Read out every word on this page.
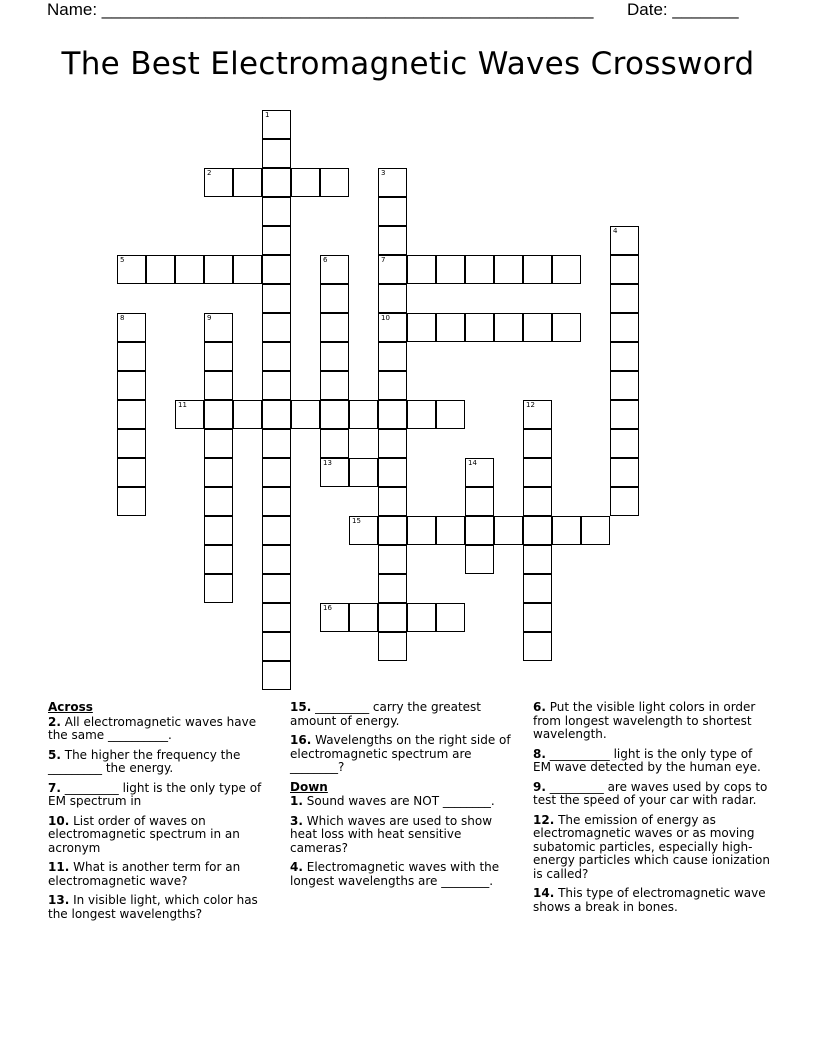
Name: ____________________________________________________ Date: _______
The Best Electromagnetic Waves Crossword
1
2	3
7
10
4
5	6
13
8	9
11	12
14
15
16
Across
2. All electromagnetic waves have the same __________.
5. The higher the frequency the _________ the energy.
7. _________ light is the only type of EM spectrum in
10. List order of waves on electromagnetic spectrum in an acronym
11. What is another term for an electromagnetic wave?
13. In visible light, which color has the longest wavelengths?
15. _________ carry the greatest amount of energy.
16. Wavelengths on the right side of electromagnetic spectrum are ________?
Down
1. Sound waves are NOT ________.
3. Which waves are used to show heat loss with heat sensitive cameras?
4. Electromagnetic waves with the longest wavelengths are ________.
6. Put the visible light colors in order from longest wavelength to shortest wavelength.
8. __________ light is the only type of EM wave detected by the human eye.
9. _________ are waves used by cops to test the speed of your car with radar.
12. The emission of energy as electromagnetic waves or as moving subatomic particles, especially high-energy particles which cause ionization is called?
14. This type of electromagnetic wave shows a break in bones.
